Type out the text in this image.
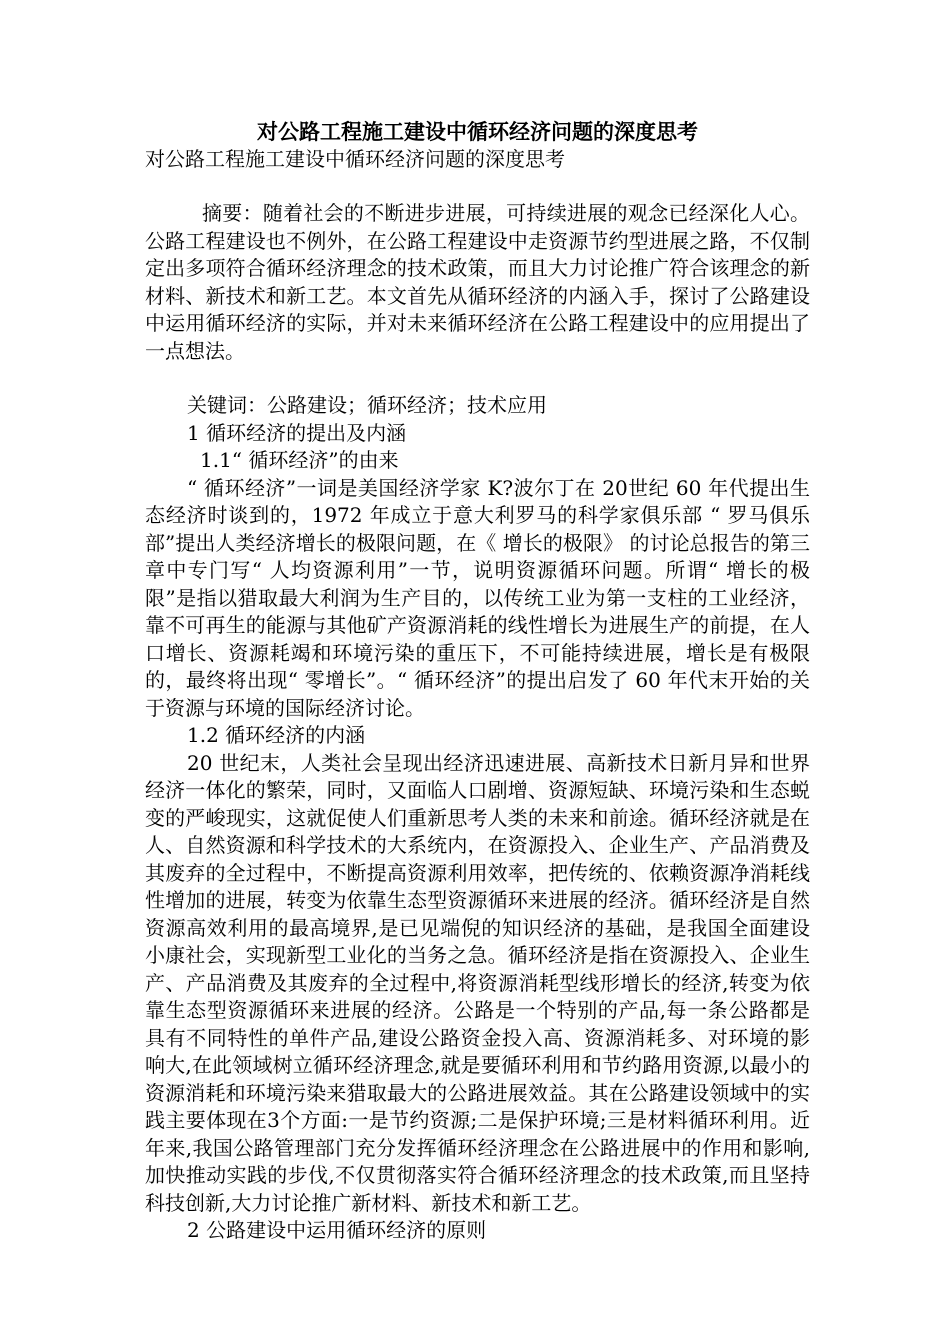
对公路工程施工建设中循环经济问题的深度思考
对公路工程施工建设中循环经济问题的深度思考

摘要：随着社会的不断进步进展，可持续进展的观念已经深化人心。公路工程建设也不例外，在公路工程建设中走资源节约型进展之路，不仅制定出多项符合循环经济理念的技术政策，而且大力讨论推广符合该理念的新材料、新技术和新工艺。本文首先从循环经济的内涵入手，探讨了公路建设中运用循环经济的实际，并对未来循环经济在公路工程建设中的应用提出了一点想法。

关键词：公路建设；循环经济；技术应用

1 循环经济的提出及内涵

1.1“ 循环经济”的由来

“ 循环经济”一词是美国经济学家 K?波尔丁在 20世纪 60 年代提出生态经济时谈到的，1972 年成立于意大利罗马的科学家俱乐部 “ 罗马俱乐部”提出人类经济增长的极限问题，在《 增长的极限》 的讨论总报告的第三章中专门写“ 人均资源利用”一节，说明资源循环问题。所谓“ 增长的极限”是指以猎取最大利润为生产目的，以传统工业为第一支柱的工业经济，靠不可再生的能源与其他矿产资源消耗的线性增长为进展生产的前提，在人口增长、资源耗竭和环境污染的重压下，不可能持续进展，增长是有极限的，最终将出现“ 零增长”。“ 循环经济”的提出启发了 60 年代末开始的关于资源与环境的国际经济讨论。

1.2 循环经济的内涵

20 世纪末，人类社会呈现出经济迅速进展、高新技术日新月异和世界经济一体化的繁荣，同时，又面临人口剧增、资源短缺、环境污染和生态蜕变的严峻现实，这就促使人们重新思考人类的未来和前途。循环经济就是在人、自然资源和科学技术的大系统内，在资源投入、企业生产、产品消费及其废弃的全过程中，不断提高资源利用效率，把传统的、依赖资源净消耗线性增加的进展，转变为依靠生态型资源循环来进展的经济。循环经济是自然资源高效利用的最高境界,是已见端倪的知识经济的基础，是我国全面建设小康社会，实现新型工业化的当务之急。循环经济是指在资源投入、企业生产、产品消费及其废弃的全过程中,将资源消耗型线形增长的经济,转变为依靠生态型资源循环来进展的经济。公路是一个特别的产品,每一条公路都是具有不同特性的单件产品,建设公路资金投入高、资源消耗多、对环境的影响大,在此领域树立循环经济理念,就是要循环利用和节约路用资源,以最小的资源消耗和环境污染来猎取最大的公路进展效益。其在公路建设领域中的实践主要体现在3个方面:一是节约资源;二是保护环境;三是材料循环利用。近年来,我国公路管理部门充分发挥循环经济理念在公路进展中的作用和影响,加快推动实践的步伐,不仅贯彻落实符合循环经济理念的技术政策,而且坚持科技创新,大力讨论推广新材料、新技术和新工艺。

2 公路建设中运用循环经济的原则
